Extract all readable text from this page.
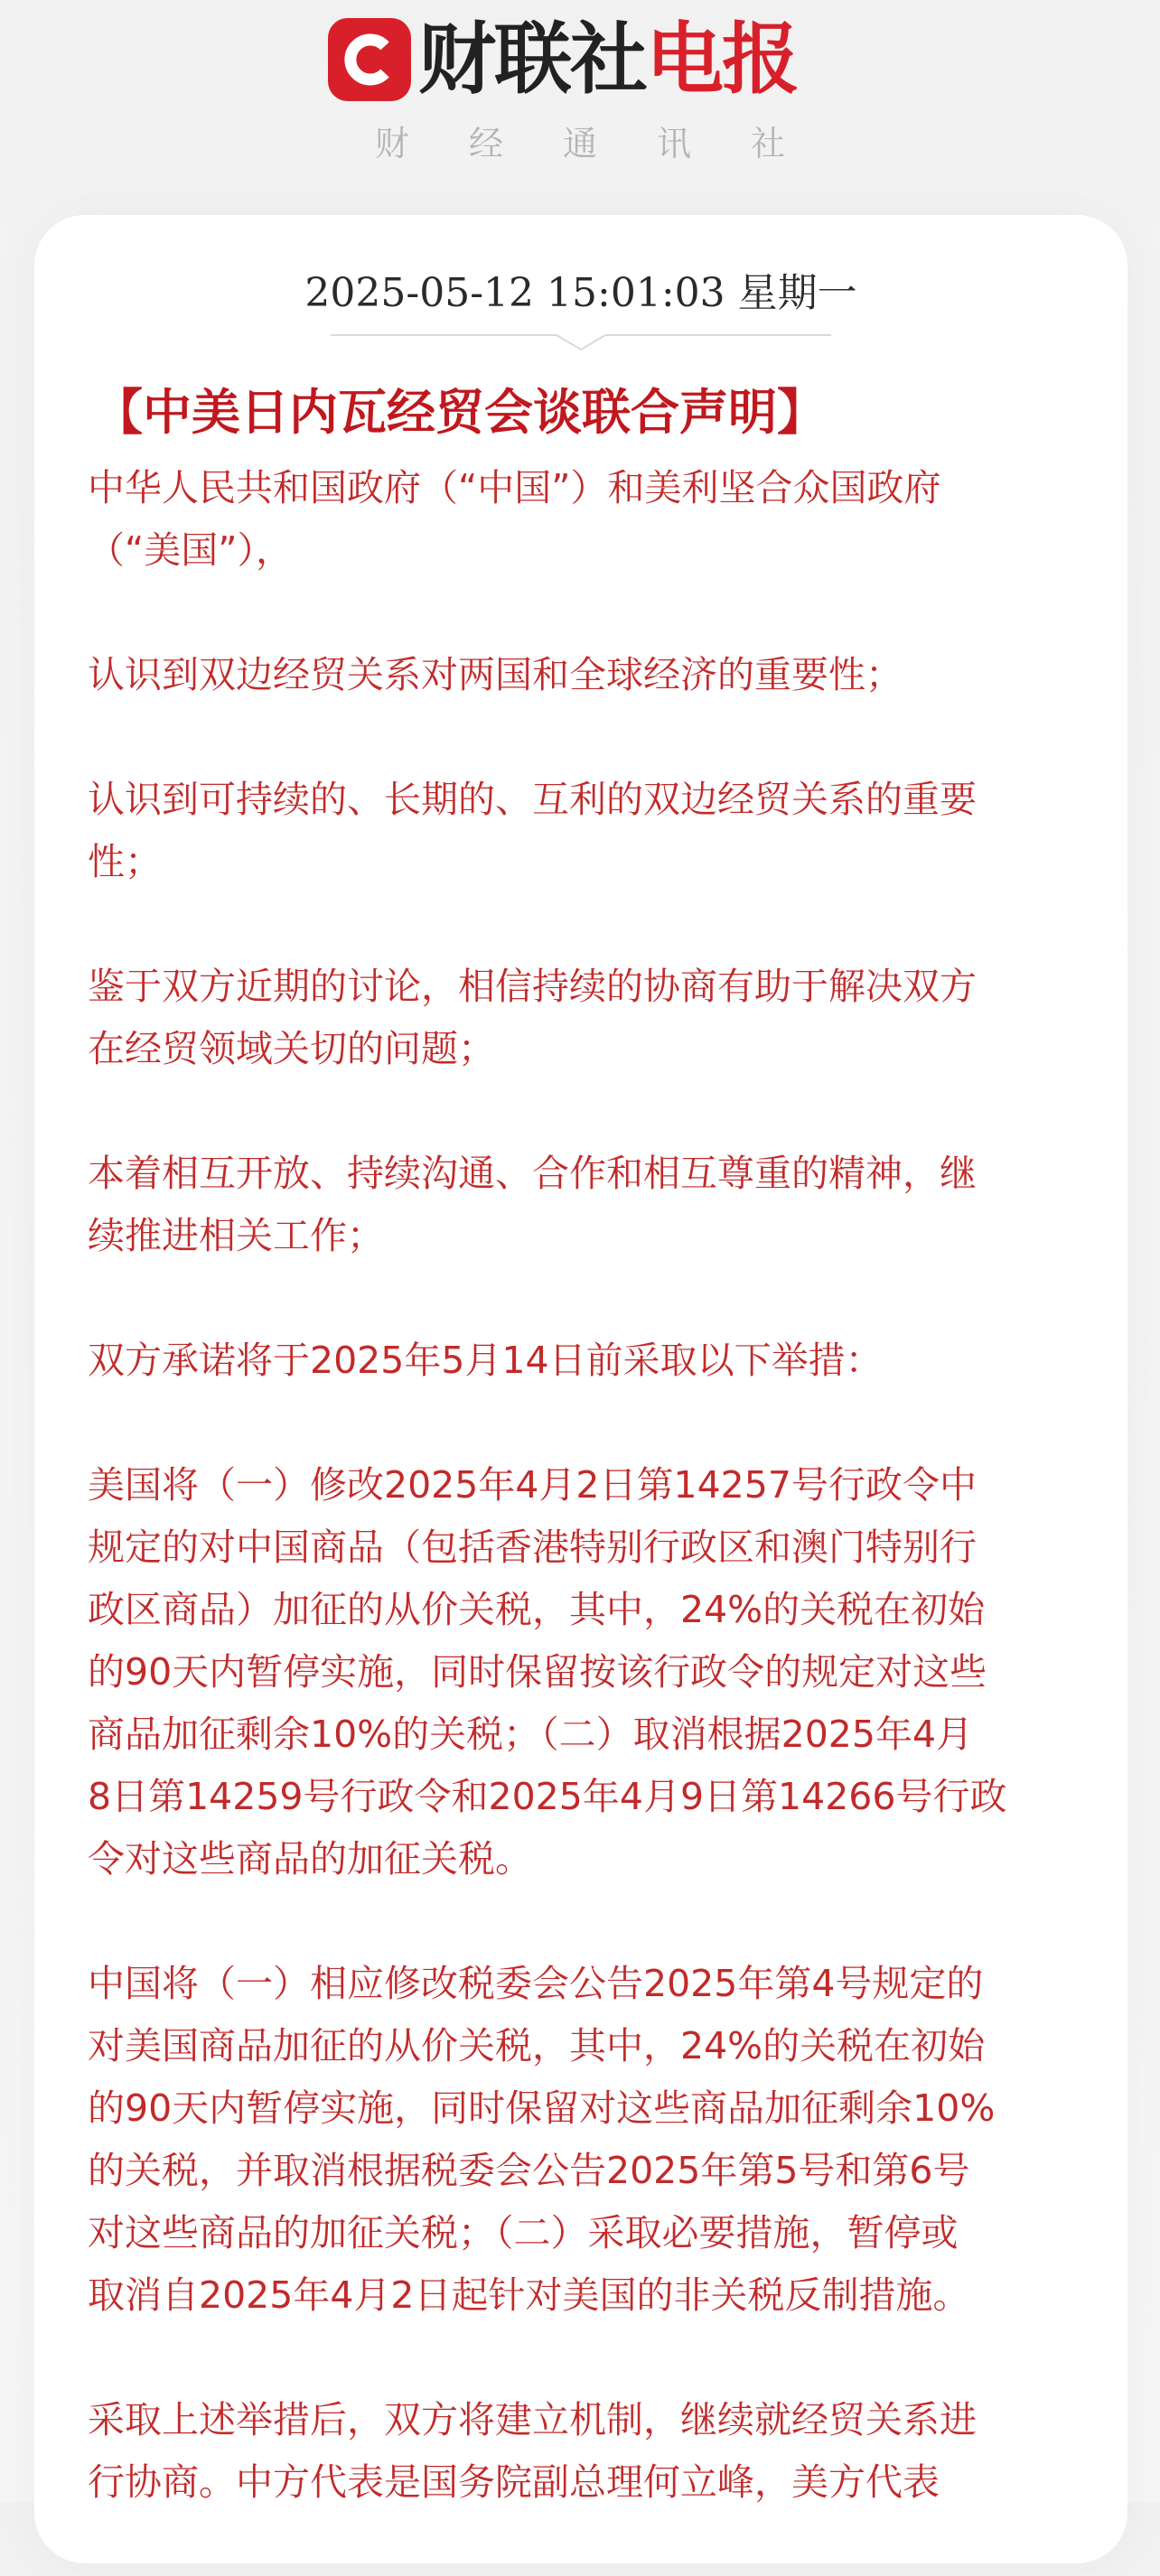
财联社电报
财经通讯社
2025-05-12 15:01:03 星期一
【中美日内瓦经贸会谈联合声明】

中华人民共和国政府（“中国”）和美利坚合众国政府
（“美国”），

认识到双边经贸关系对两国和全球经济的重要性；

认识到可持续的、长期的、互利的双边经贸关系的重要
性；

鉴于双方近期的讨论，相信持续的协商有助于解决双方
在经贸领域关切的问题；

本着相互开放、持续沟通、合作和相互尊重的精神，继
续推进相关工作；

双方承诺将于2025年5月14日前采取以下举措：

美国将（一）修改2025年4月2日第14257号行政令中
规定的对中国商品（包括香港特别行政区和澳门特别行
政区商品）加征的从价关税，其中，24%的关税在初始
的90天内暂停实施，同时保留按该行政令的规定对这些
商品加征剩余10%的关税；（二）取消根据2025年4月
8日第14259号行政令和2025年4月9日第14266号行政
令对这些商品的加征关税。

中国将（一）相应修改税委会公告2025年第4号规定的
对美国商品加征的从价关税，其中，24%的关税在初始
的90天内暂停实施，同时保留对这些商品加征剩余10%
的关税，并取消根据税委会公告2025年第5号和第6号
对这些商品的加征关税；（二）采取必要措施，暂停或
取消自2025年4月2日起针对美国的非关税反制措施。

采取上述举措后，双方将建立机制，继续就经贸关系进
行协商。中方代表是国务院副总理何立峰，美方代表
